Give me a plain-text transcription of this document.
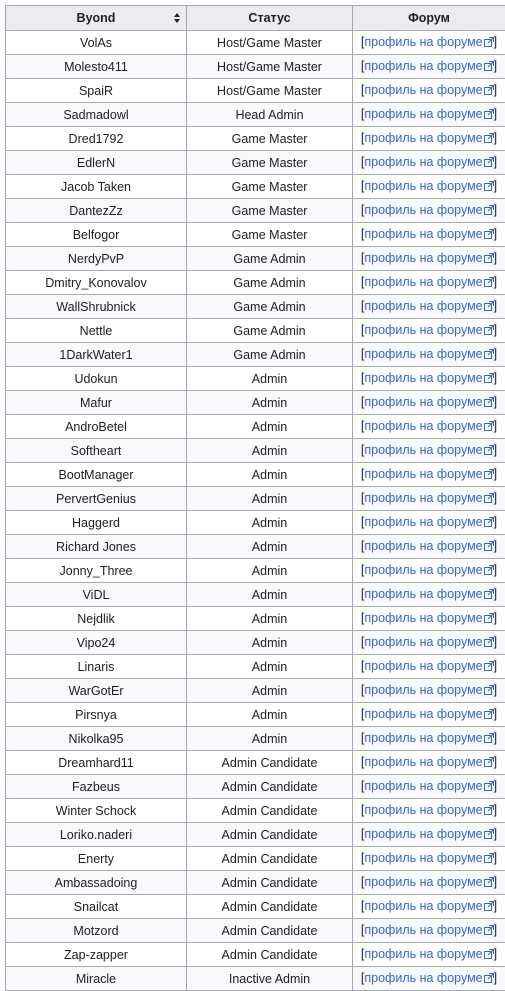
Byond	Статус	Форум
VolAs	Host/Game Master	[профиль на форуме ]
Molesto411	Host/Game Master	[профиль на форуме ]
SpaiR	Host/Game Master	[профиль на форуме ]
Sadmadowl	Head Admin	[профиль на форуме ]
Dred1792	Game Master	[профиль на форуме ]
EdlerN	Game Master	[профиль на форуме ]
Jacob Taken	Game Master	[профиль на форуме ]
DantezZz	Game Master	[профиль на форуме ]
Belfogor	Game Master	[профиль на форуме ]
NerdyPvP	Game Admin	[профиль на форуме ]
Dmitry_Konovalov	Game Admin	[профиль на форуме ]
WallShrubnick	Game Admin	[профиль на форуме ]
Nettle	Game Admin	[профиль на форуме ]
1DarkWater1	Game Admin	[профиль на форуме ]
Udokun	Admin	[профиль на форуме ]
Mafur	Admin	[профиль на форуме ]
AndroBetel	Admin	[профиль на форуме ]
Softheart	Admin	[профиль на форуме ]
BootManager	Admin	[профиль на форуме ]
PervertGenius	Admin	[профиль на форуме ]
Haggerd	Admin	[профиль на форуме ]
Richard Jones	Admin	[профиль на форуме ]
Jonny_Three	Admin	[профиль на форуме ]
ViDL	Admin	[профиль на форуме ]
Nejdlik	Admin	[профиль на форуме ]
Vipo24	Admin	[профиль на форуме ]
Linaris	Admin	[профиль на форуме ]
WarGotEr	Admin	[профиль на форуме ]
Pirsnya	Admin	[профиль на форуме ]
Nikolka95	Admin	[профиль на форуме ]
Dreamhard11	Admin Candidate	[профиль на форуме ]
Fazbeus	Admin Candidate	[профиль на форуме ]
Winter Schock	Admin Candidate	[профиль на форуме ]
Loriko.naderi	Admin Candidate	[профиль на форуме ]
Enerty	Admin Candidate	[профиль на форуме ]
Ambassadoing	Admin Candidate	[профиль на форуме ]
Snailcat	Admin Candidate	[профиль на форуме ]
Motzord	Admin Candidate	[профиль на форуме ]
Zap-zapper	Admin Candidate	[профиль на форуме ]
Miracle	Inactive Admin	[профиль на форуме ]
